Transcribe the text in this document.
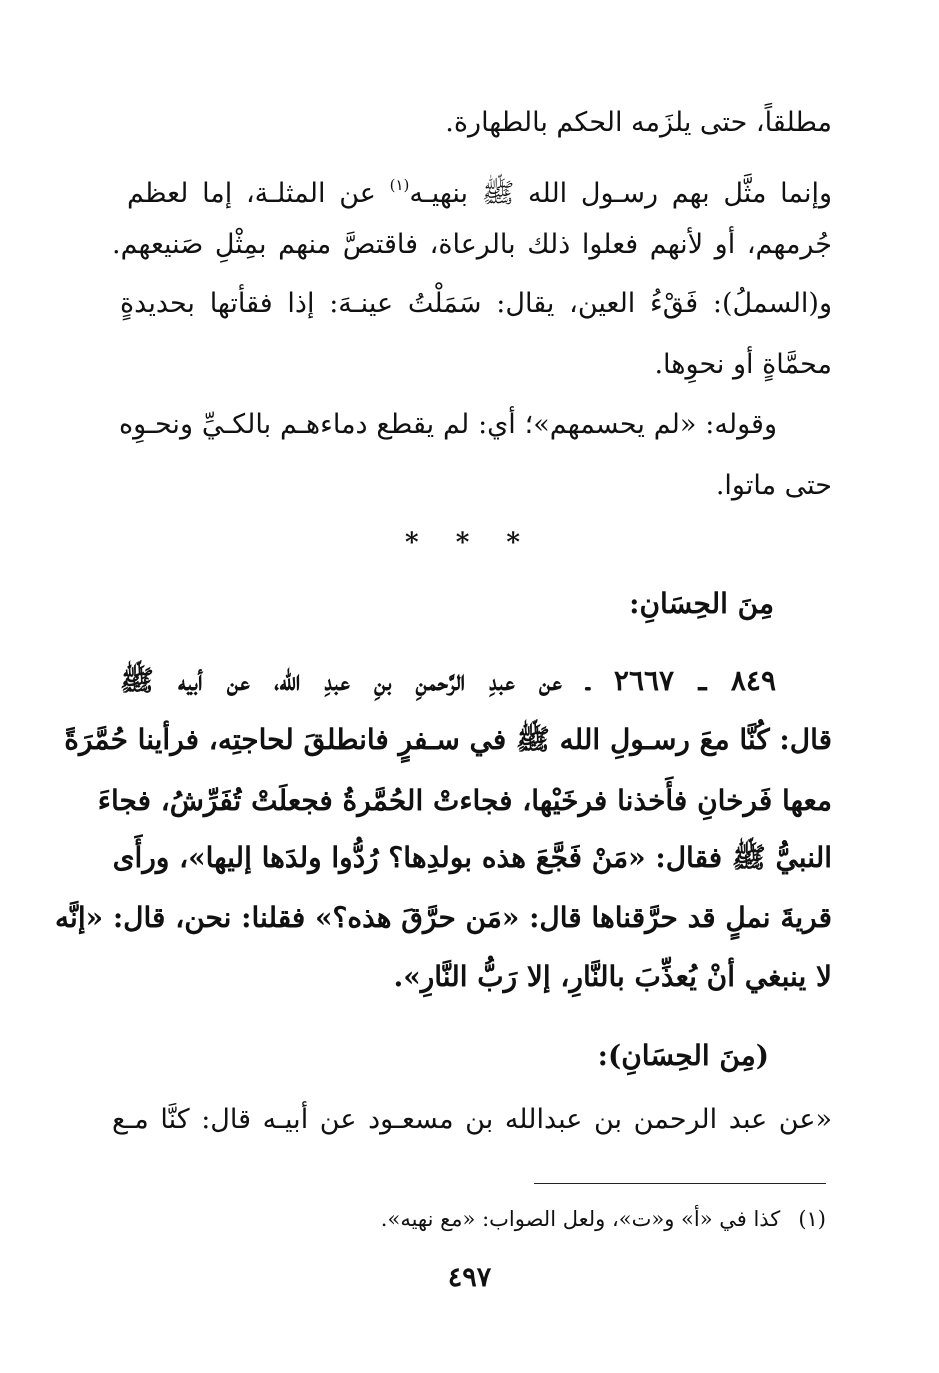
مطلقاً، حتى يلزَمه الحكم بالطهارة.
وإنما مثَّل بهم رسـول الله ﷺ بنهيـه$^{(١)}$ عن المثلـة، إما لعظم
جُرمهم، أو لأنهم فعلوا ذلك بالرعاة، فاقتصَّ منهم بمِثْلِ صَنيعهم.
و(السملُ): فَقْءُ العين، يقال: سَمَلْتُ عينـهَ: إذا فقأتها بحديدةٍ
محمَّاةٍ أو نحوِها.
وقوله: «لم يحسمهم»؛ أي: لم يقطع دماءهـم بالكـيِّ ونحـوِه
حتى ماتوا.
* * *
مِنَ الحِسَانِ:
٨٤٩ ـ ٢٦٦٧ ـ عن عبدِ الرَّحمنِ بنِ عبدِ الله، عن أبيه ﷺ
قال: كُنَّا معَ رسـولِ الله ﷺ في سـفرٍ فانطلقَ لحاجتِه، فرأينا حُمَّرَةً
معها فَرخانِ فأَخذنا فرخَيْها، فجاءتْ الحُمَّرةُ فجعلَتْ تُفَرِّشُ، فجاءَ
النبيُّ ﷺ فقال: «مَنْ فَجَّعَ هذه بولدِها؟ رُدُّوا ولدَها إليها»، ورأَى
قريةَ نملٍ قد حرَّقناها قال: «مَن حرَّقَ هذه؟» فقلنا: نحن، قال: «إنَّه
لا ينبغي أنْ يُعذِّبَ بالنَّارِ، إلا رَبُّ النَّارِ».
(مِنَ الحِسَانِ):
«عن عبد الرحمن بن عبدالله بن مسعـود عن أبيـه قال: كنَّا مـع
(١)كذا في «أ» و«ت»، ولعل الصواب: «مع نهيه».
٤٩٧
